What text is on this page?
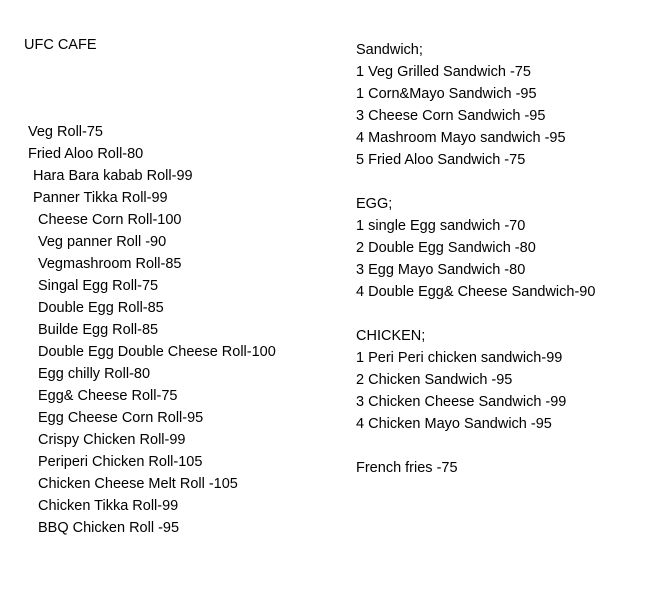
UFC CAFE
Veg Roll-75
Fried Aloo Roll-80
Hara Bara kabab Roll-99
Panner Tikka Roll-99
Cheese Corn Roll-100
Veg panner Roll -90
Vegmashroom Roll-85
Singal Egg Roll-75
Double Egg Roll-85
Builde Egg Roll-85
Double Egg Double Cheese Roll-100
Egg chilly Roll-80
Egg& Cheese Roll-75
Egg Cheese Corn Roll-95
Crispy Chicken Roll-99
Periperi Chicken Roll-105
Chicken Cheese Melt Roll -105
Chicken Tikka Roll-99
BBQ Chicken Roll -95
Sandwich;
1 Veg Grilled Sandwich -75
1 Corn&Mayo Sandwich -95
3 Cheese Corn Sandwich -95
4 Mashroom Mayo sandwich -95
5 Fried Aloo Sandwich -75
EGG;
1 single Egg sandwich -70
2 Double Egg Sandwich -80
3 Egg Mayo Sandwich -80
4 Double Egg& Cheese Sandwich-90
CHICKEN;
1 Peri Peri chicken sandwich-99
2 Chicken Sandwich -95
3 Chicken Cheese Sandwich -99
4 Chicken Mayo Sandwich -95
French fries -75
